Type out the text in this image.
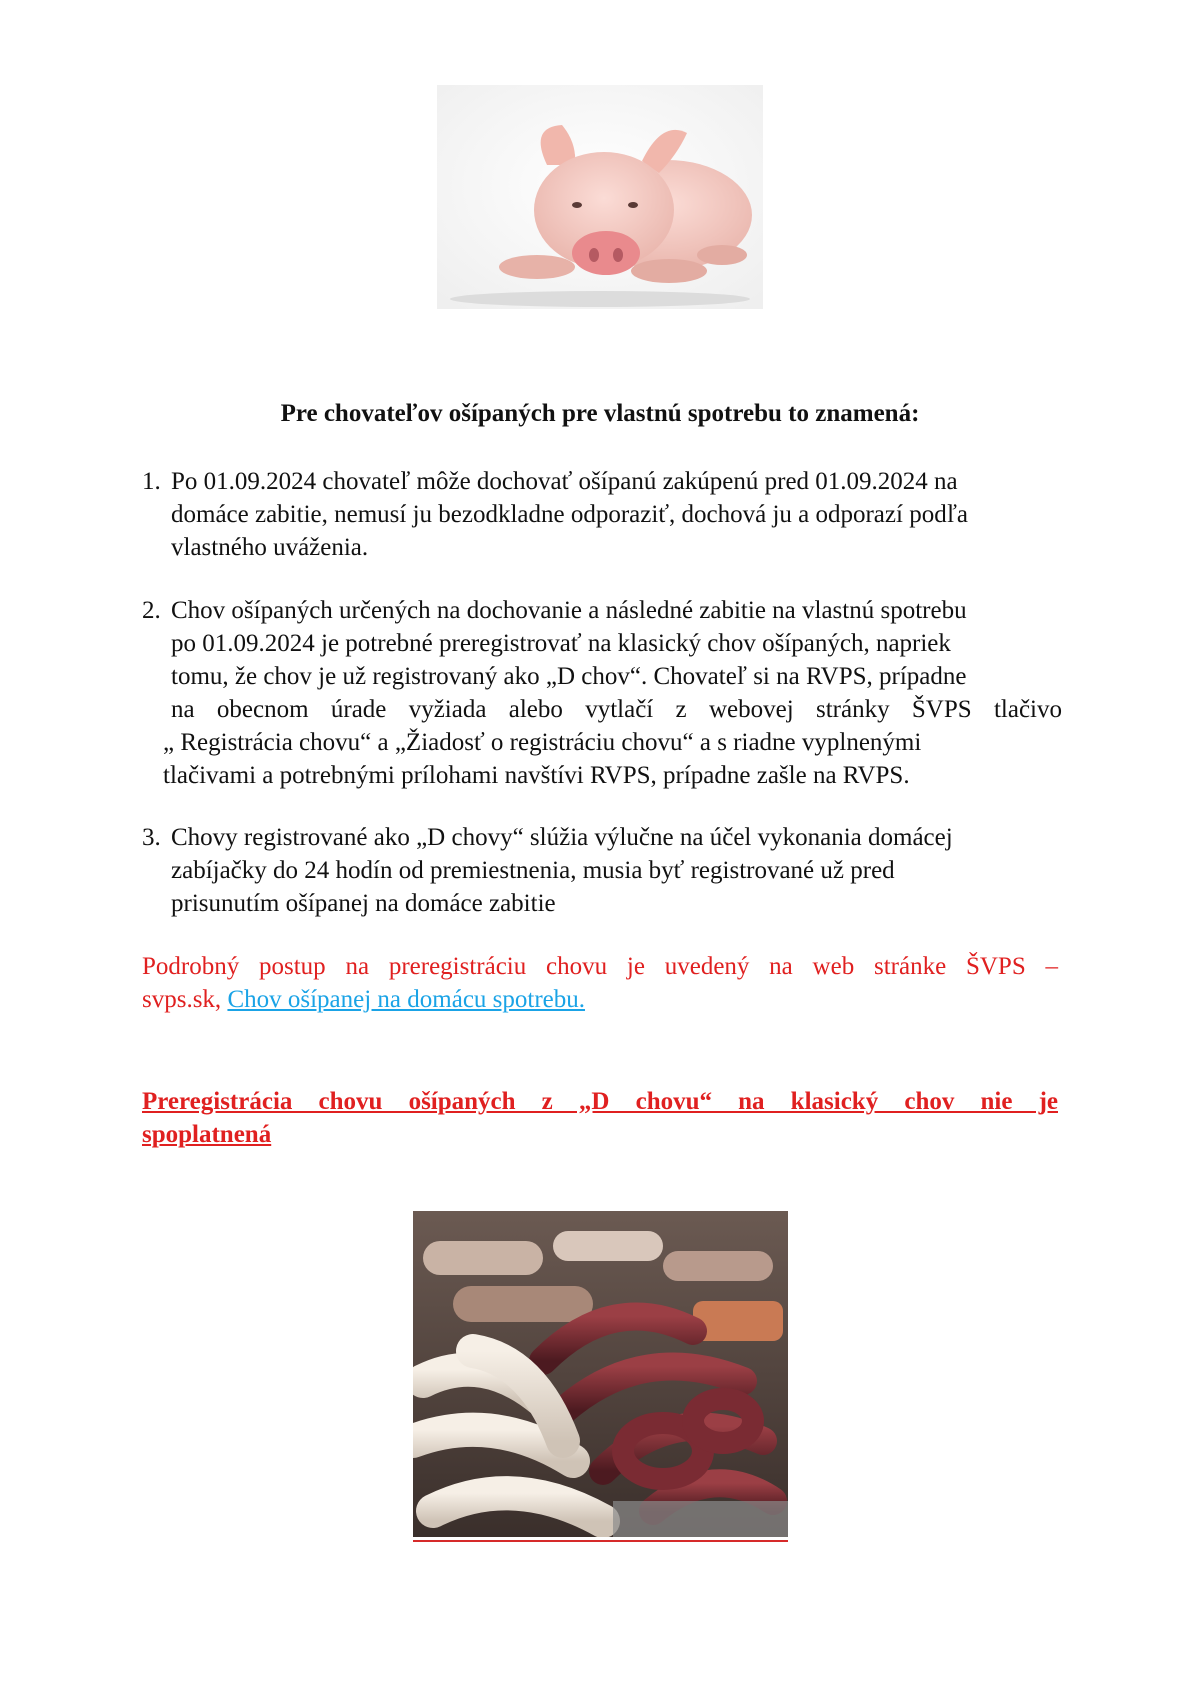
Pre chovateľov ošípaných pre vlastnú spotrebu to znamená:
1. Po 01.09.2024 chovateľ môže dochovať ošípanú zakúpenú pred 01.09.2024 na
domáce zabitie, nemusí ju bezodkladne odporaziť, dochová ju a odporazí podľa
vlastného uváženia.
2. Chov ošípaných určených na dochovanie a následné zabitie na vlastnú spotrebu
po 01.09.2024 je potrebné preregistrovať na klasický chov ošípaných, napriek
tomu, že chov je už registrovaný ako „D chov“. Chovateľ si na RVPS, prípadne
na obecnom úrade vyžiada alebo vytlačí z webovej stránky ŠVPS tlačivo
„ Registrácia chovu“ a „Žiadosť o registráciu chovu“ a s riadne vyplnenými
tlačivami a potrebnými prílohami navštívi RVPS, prípadne zašle na RVPS.
3. Chovy registrované ako „D chovy“ slúžia výlučne na účel vykonania domácej
zabíjačky do 24 hodín od premiestnenia, musia byť registrované už pred
prisunutím ošípanej na domáce zabitie
Podrobný postup na preregistráciu chovu je uvedený na web stránke ŠVPS –
svps.sk, Chov ošípanej na domácu spotrebu.
Preregistrácia chovu ošípaných z „D chovu“ na klasický chov nie je
spoplatnená
